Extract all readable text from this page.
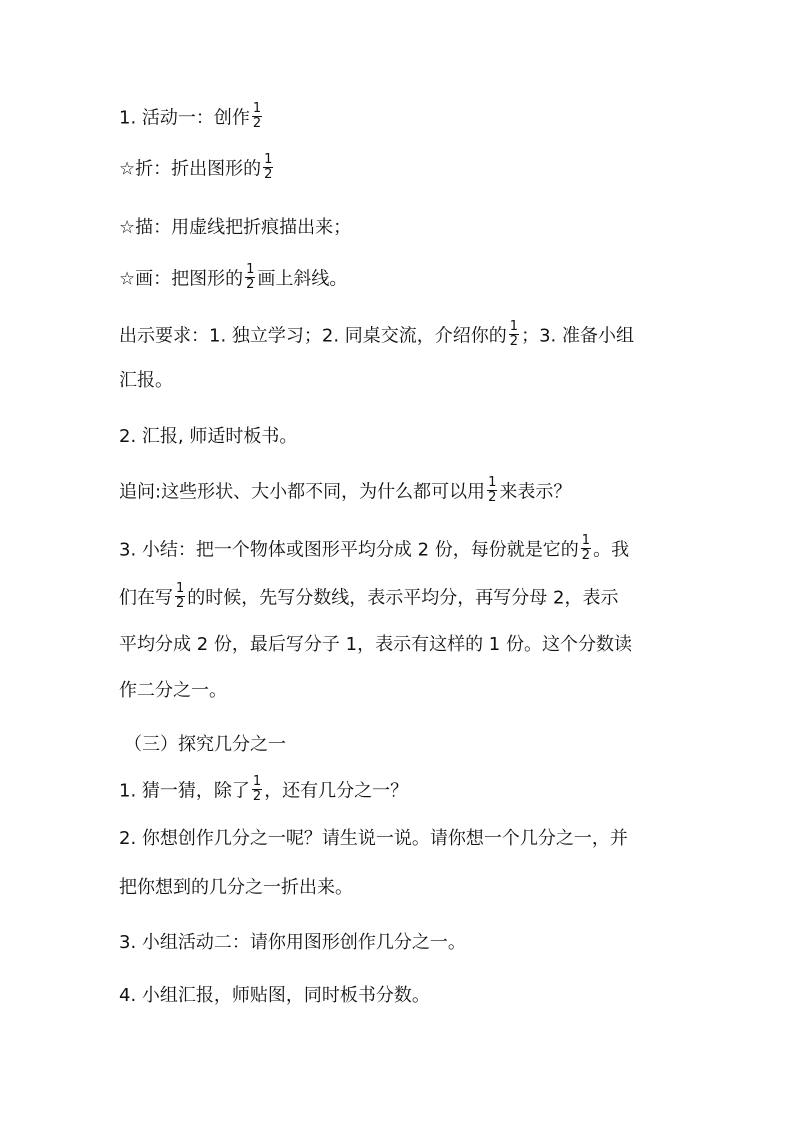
1. 活动一：创作 $\frac{1}{2}$
☆折：折出图形的 $\frac{1}{2}$
☆描：用虚线把折痕描出来；
☆画：把图形的 $\frac{1}{2}$ 画上斜线。
出示要求：1. 独立学习；2. 同桌交流，介绍你的 $\frac{1}{2}$ ；3. 准备小组
汇报。
2. 汇报, 师适时板书。
追问:这些形状、大小都不同，为什么都可以用 $\frac{1}{2}$ 来表示？
3. 小结：把一个物体或图形平均分成 2 份，每份就是它的 $\frac{1}{2}$ 。我
们在写 $\frac{1}{2}$ 的时候，先写分数线，表示平均分，再写分母 2，表示
平均分成 2 份，最后写分子 1，表示有这样的 1 份。这个分数读
作二分之一。
（三）探究几分之一
1. 猜一猜，除了 $\frac{1}{2}$ ，还有几分之一？
2. 你想创作几分之一呢？请生说一说。请你想一个几分之一，并
把你想到的几分之一折出来。
3. 小组活动二：请你用图形创作几分之一。
4. 小组汇报，师贴图，同时板书分数。
